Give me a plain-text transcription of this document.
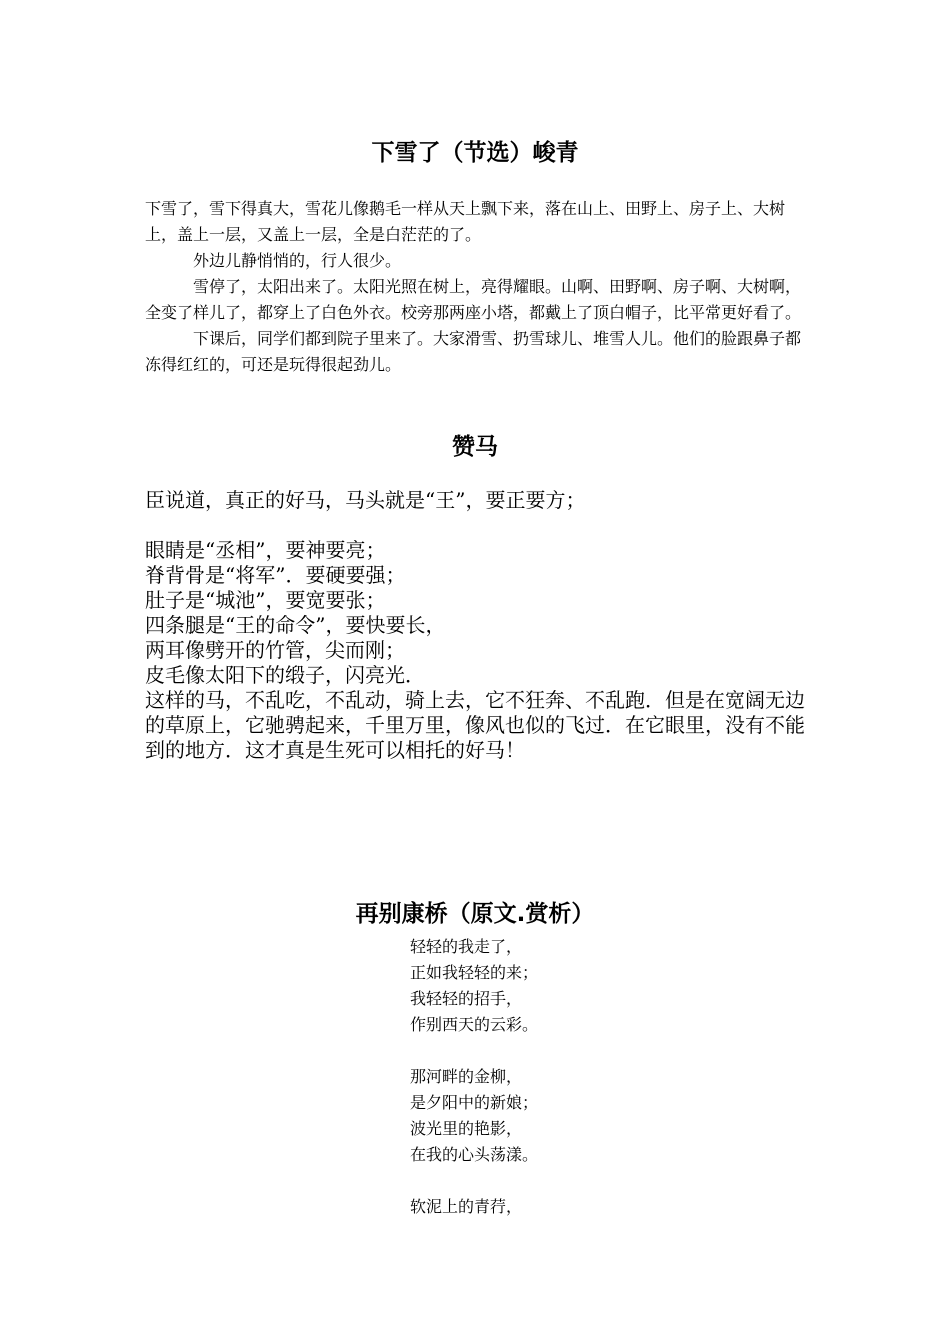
下雪了（节选）峻青

下雪了，雪下得真大，雪花儿像鹅毛一样从天上飘下来，落在山上、田野上、房子上、大树上，盖上一层，又盖上一层，全是白茫茫的了。

外边儿静悄悄的，行人很少。

雪停了，太阳出来了。太阳光照在树上，亮得耀眼。山啊、田野啊、房子啊、大树啊，全变了样儿了，都穿上了白色外衣。校旁那两座小塔，都戴上了顶白帽子，比平常更好看了。

下课后，同学们都到院子里来了。大家滑雪、扔雪球儿、堆雪人儿。他们的脸跟鼻子都冻得红红的，可还是玩得很起劲儿。

赞马

臣说道，真正的好马，马头就是“王”，要正要方；

眼睛是“丞相”，要神要亮；

脊背骨是“将军”．要硬要强；

肚子是“城池”，要宽要张；

四条腿是“王的命令”，要快要长，

两耳像劈开的竹管，尖而刚；

皮毛像太阳下的缎子，闪亮光．

这样的马，不乱吃，不乱动，骑上去，它不狂奔、不乱跑．但是在宽阔无边的草原上，它驰骋起来，千里万里，像风也似的飞过．在它眼里，没有不能到的地方．这才真是生死可以相托的好马！

再别康桥（原文.赏析）
轻轻的我走了，
正如我轻轻的来；
我轻轻的招手，
作别西天的云彩。
那河畔的金柳，
是夕阳中的新娘；
波光里的艳影，
在我的心头荡漾。
软泥上的青荇，
